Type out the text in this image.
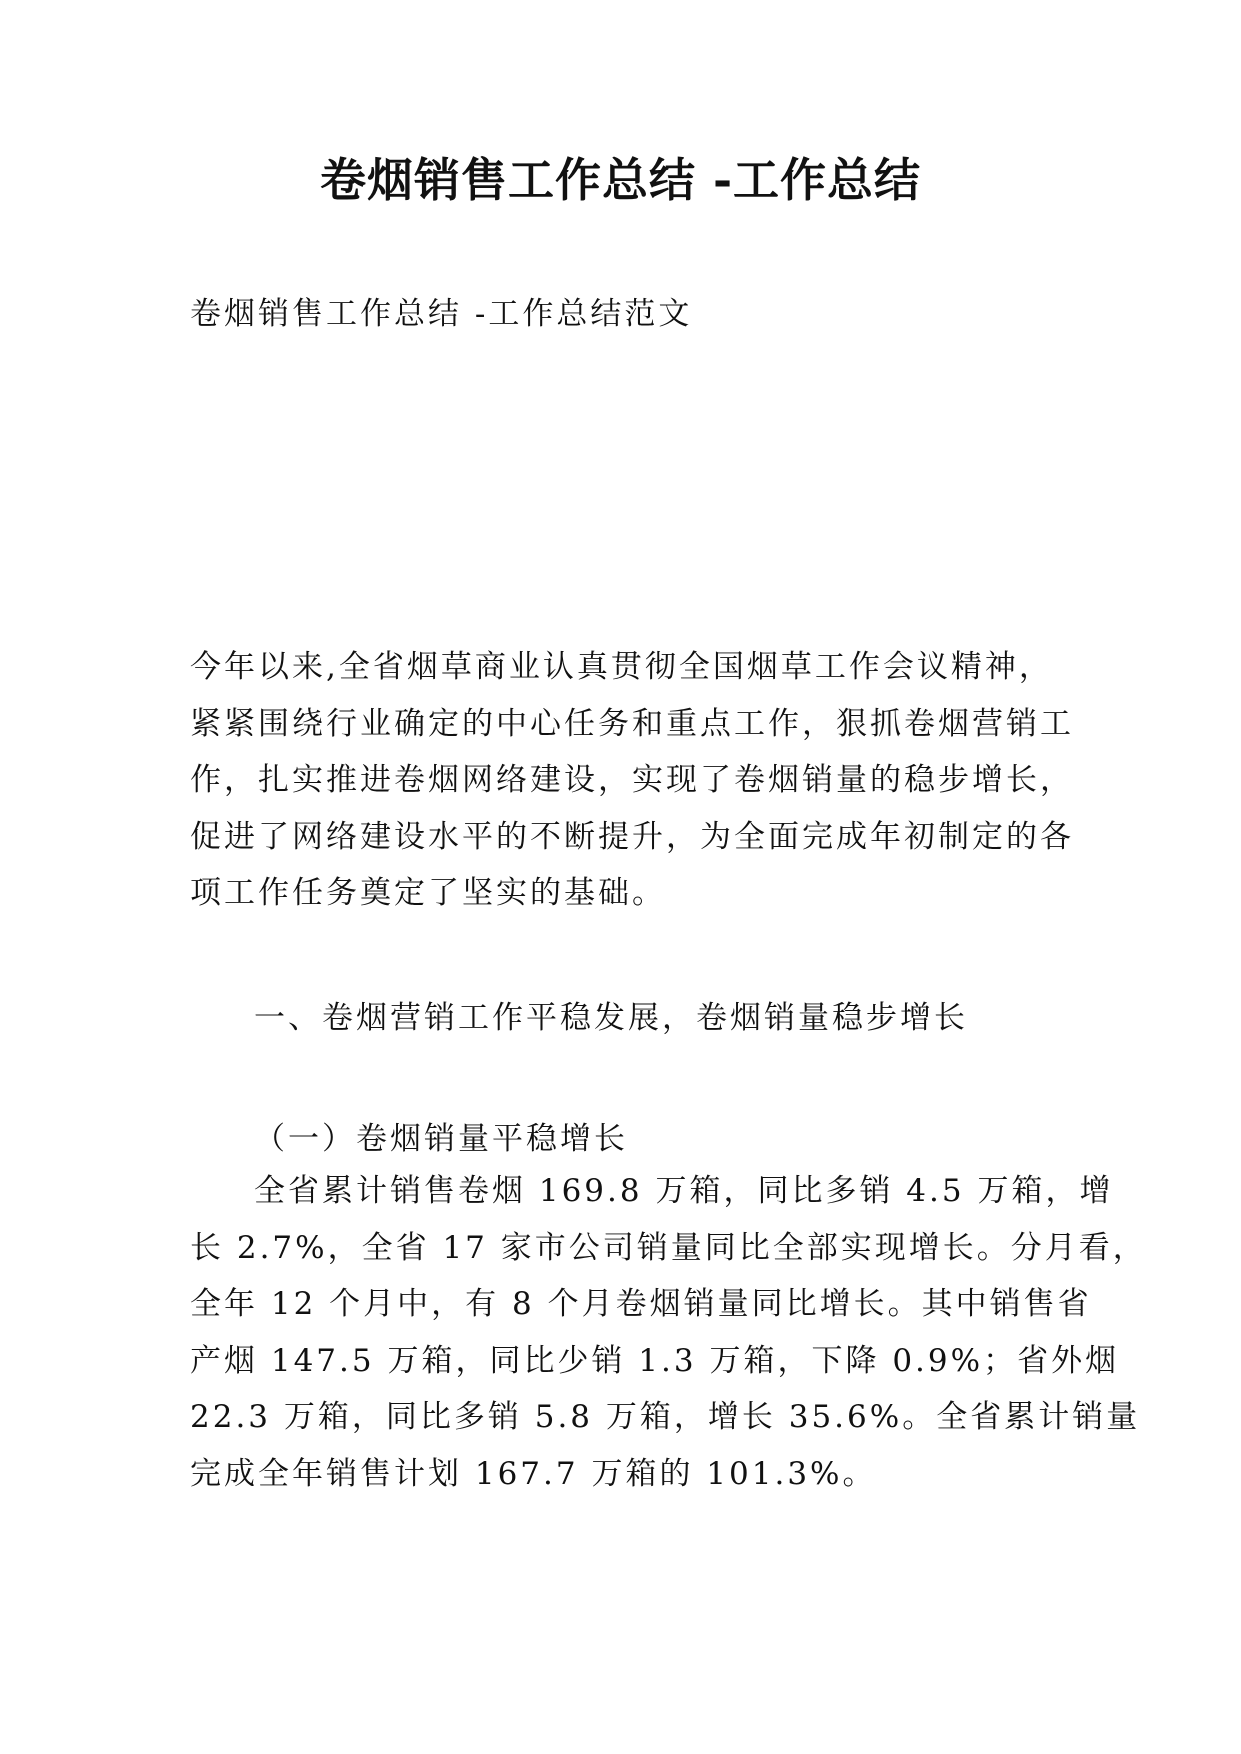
卷烟销售工作总结 -工作总结

卷烟销售工作总结 -工作总结范文

今年以来,全省烟草商业认真贯彻全国烟草工作会议精神，
紧紧围绕行业确定的中心任务和重点工作，狠抓卷烟营销工
作，扎实推进卷烟网络建设，实现了卷烟销量的稳步增长，
促进了网络建设水平的不断提升，为全面完成年初制定的各
项工作任务奠定了坚实的基础。

一、卷烟营销工作平稳发展，卷烟销量稳步增长

（一）卷烟销量平稳增长

全省累计销售卷烟 169.8 万箱，同比多销 4.5 万箱，增
长 2.7%，全省 17 家市公司销量同比全部实现增长。分月看，
全年 12 个月中，有 8 个月卷烟销量同比增长。其中销售省
产烟 147.5 万箱，同比少销 1.3 万箱，下降 0.9%；省外烟
22.3 万箱，同比多销 5.8 万箱，增长 35.6%。全省累计销量
完成全年销售计划 167.7 万箱的 101.3%。
